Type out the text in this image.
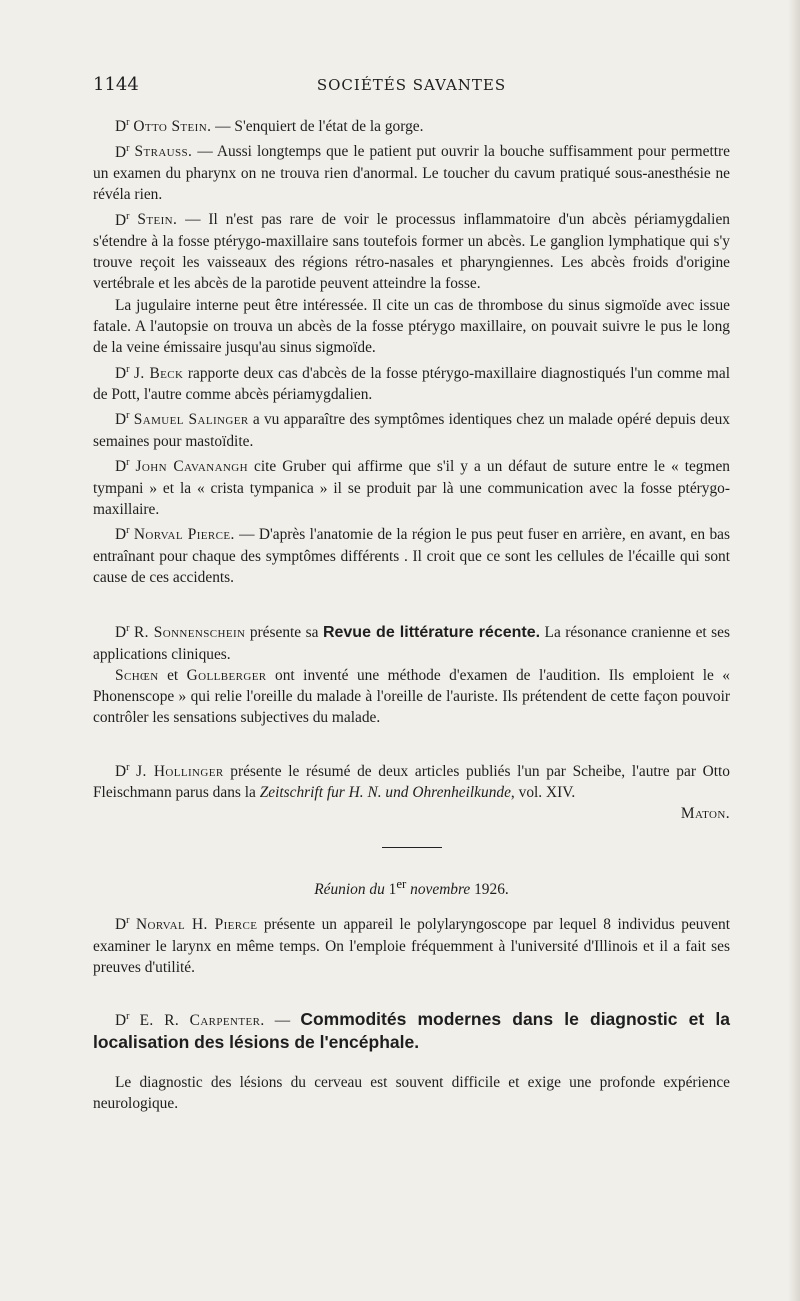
1144	SOCIÉTÉS SAVANTES

$D^r$ Otto Stein. — S'enquiert de l'état de la gorge.

$D^r$ Strauss. — Aussi longtemps que le patient put ouvrir la bouche suffisamment pour permettre un examen du pharynx on ne trouva rien d'anormal. Le toucher du cavum pratiqué sous-anesthésie ne révéla rien.

$D^r$ Stein. — Il n'est pas rare de voir le processus inflammatoire d'un abcès périamygdalien s'étendre à la fosse ptérygo-maxillaire sans toutefois former un abcès. Le ganglion lymphatique qui s'y trouve reçoit les vaisseaux des régions rétro-nasales et pharyngiennes. Les abcès froids d'origine vertébrale et les abcès de la parotide peuvent atteindre la fosse.

La jugulaire interne peut être intéressée. Il cite un cas de thrombose du sinus sigmoïde avec issue fatale. A l'autopsie on trouva un abcès de la fosse ptérygo maxillaire, on pouvait suivre le pus le long de la veine émissaire jusqu'au sinus sigmoïde.

$D^r$ J. Beck rapporte deux cas d'abcès de la fosse ptérygo-maxillaire diagnostiqués l'un comme mal de Pott, l'autre comme abcès périamygdalien.

$D^r$ Samuel Salinger a vu apparaître des symptômes identiques chez un malade opéré depuis deux semaines pour mastoïdite.

$D^r$ John Cavanangh cite Gruber qui affirme que s'il y a un défaut de suture entre le « tegmen tympani » et la « crista tympanica » il se produit par là une communication avec la fosse ptérygo-maxillaire.

$D^r$ Norval Pierce. — D'après l'anatomie de la région le pus peut fuser en arrière, en avant, en bas entraînant pour chaque des symptômes différents . Il croit que ce sont les cellules de l'écaille qui sont cause de ces accidents.

$D^r$ R. Sonnenschein présente sa Revue de littérature récente. La résonance cranienne et ses applications cliniques.

Schœn et Gollberger ont inventé une méthode d'examen de l'audition. Ils emploient le « Phonenscope » qui relie l'oreille du malade à l'oreille de l'auriste. Ils prétendent de cette façon pouvoir contrôler les sensations subjectives du malade.

$D^r$ J. Hollinger présente le résumé de deux articles publiés l'un par Scheibe, l'autre par Otto Fleischmann parus dans la Zeitschrift fur H. N. und Ohrenheilkunde, vol. XIV.

Maton.

Réunion du 1er novembre 1926.

$D^r$ Norval H. Pierce présente un appareil le polylaryngoscope par lequel 8 individus peuvent examiner le larynx en même temps. On l'emploie fréquemment à l'université d'Illinois et il a fait ses preuves d'utilité.

$D^r$ E. R. Carpenter. — Commodités modernes dans le diagnostic et la localisation des lésions de l'encéphale.

Le diagnostic des lésions du cerveau est souvent difficile et exige une profonde expérience neurologique.
